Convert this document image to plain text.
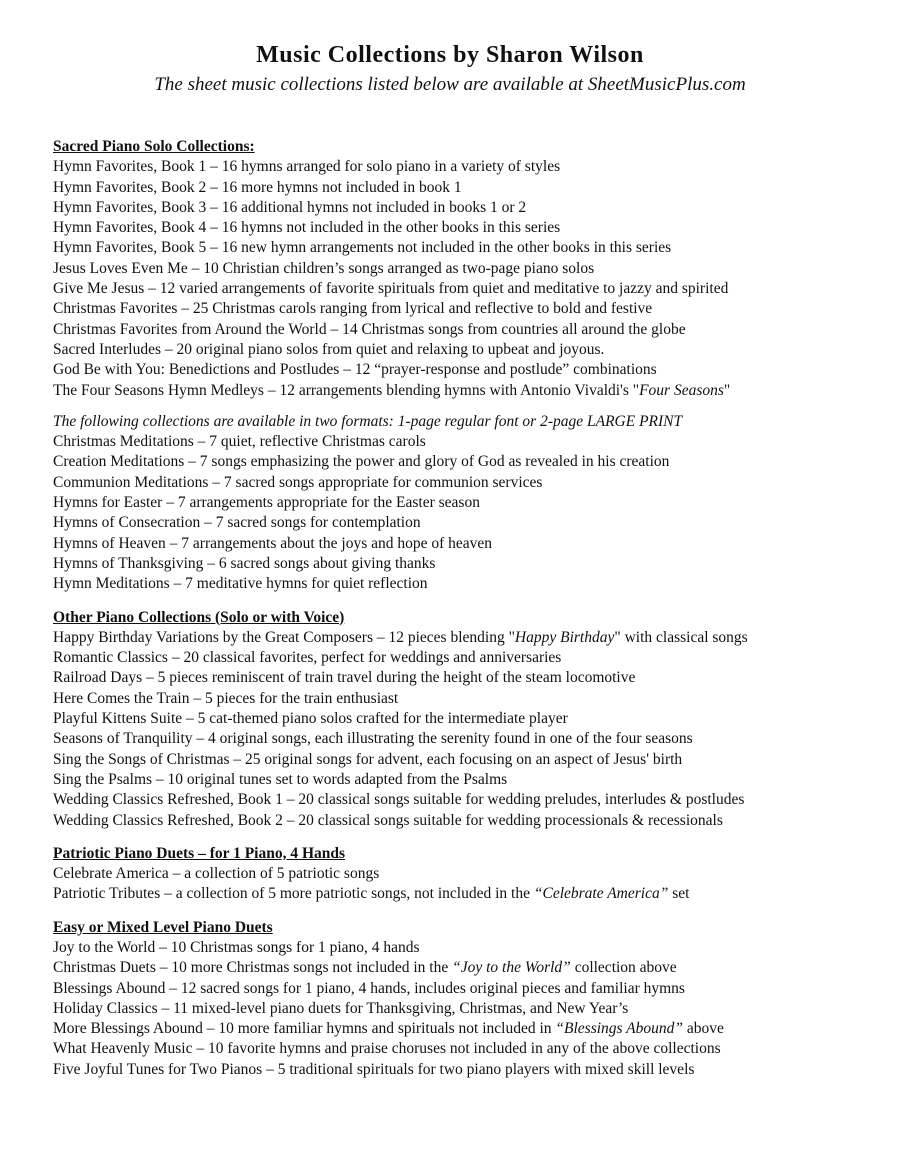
Music Collections by Sharon Wilson
The sheet music collections listed below are available at SheetMusicPlus.com
Sacred Piano Solo Collections:
Hymn Favorites, Book 1 – 16 hymns arranged for solo piano in a variety of styles
Hymn Favorites, Book 2 – 16 more hymns not included in book 1
Hymn Favorites, Book 3 – 16 additional hymns not included in books 1 or 2
Hymn Favorites, Book 4 – 16 hymns not included in the other books in this series
Hymn Favorites, Book 5 – 16 new hymn arrangements not included in the other books in this series
Jesus Loves Even Me – 10 Christian children’s songs arranged as two-page piano solos
Give Me Jesus – 12 varied arrangements of favorite spirituals from quiet and meditative to jazzy and spirited
Christmas Favorites – 25 Christmas carols ranging from lyrical and reflective to bold and festive
Christmas Favorites from Around the World – 14 Christmas songs from countries all around the globe
Sacred Interludes – 20 original piano solos from quiet and relaxing to upbeat and joyous.
God Be with You: Benedictions and Postludes – 12 “prayer-response and postlude” combinations
The Four Seasons Hymn Medleys – 12 arrangements blending hymns with Antonio Vivaldi's "Four Seasons"
The following collections are available in two formats: 1-page regular font or 2-page LARGE PRINT
Christmas Meditations – 7 quiet, reflective Christmas carols
Creation Meditations – 7 songs emphasizing the power and glory of God as revealed in his creation
Communion Meditations – 7 sacred songs appropriate for communion services
Hymns for Easter – 7 arrangements appropriate for the Easter season
Hymns of Consecration – 7 sacred songs for contemplation
Hymns of Heaven – 7 arrangements about the joys and hope of heaven
Hymns of Thanksgiving – 6 sacred songs about giving thanks
Hymn Meditations – 7 meditative hymns for quiet reflection
Other Piano Collections (Solo or with Voice)
Happy Birthday Variations by the Great Composers – 12 pieces blending "Happy Birthday" with classical songs
Romantic Classics – 20 classical favorites, perfect for weddings and anniversaries
Railroad Days – 5 pieces reminiscent of train travel during the height of the steam locomotive
Here Comes the Train – 5 pieces for the train enthusiast
Playful Kittens Suite – 5 cat-themed piano solos crafted for the intermediate player
Seasons of Tranquility – 4 original songs, each illustrating the serenity found in one of the four seasons
Sing the Songs of Christmas – 25 original songs for advent, each focusing on an aspect of Jesus' birth
Sing the Psalms – 10 original tunes set to words adapted from the Psalms
Wedding Classics Refreshed, Book 1 – 20 classical songs suitable for wedding preludes, interludes & postludes
Wedding Classics Refreshed, Book 2 – 20 classical songs suitable for wedding processionals & recessionals
Patriotic Piano Duets – for 1 Piano, 4 Hands
Celebrate America – a collection of 5 patriotic songs
Patriotic Tributes – a collection of 5 more patriotic songs, not included in the “Celebrate America” set
Easy or Mixed Level Piano Duets
Joy to the World – 10 Christmas songs for 1 piano, 4 hands
Christmas Duets – 10 more Christmas songs not included in the “Joy to the World” collection above
Blessings Abound – 12 sacred songs for 1 piano, 4 hands, includes original pieces and familiar hymns
Holiday Classics – 11 mixed-level piano duets for Thanksgiving, Christmas, and New Year’s
More Blessings Abound – 10 more familiar hymns and spirituals not included in “Blessings Abound” above
What Heavenly Music – 10 favorite hymns and praise choruses not included in any of the above collections
Five Joyful Tunes for Two Pianos – 5 traditional spirituals for two piano players with mixed skill levels
